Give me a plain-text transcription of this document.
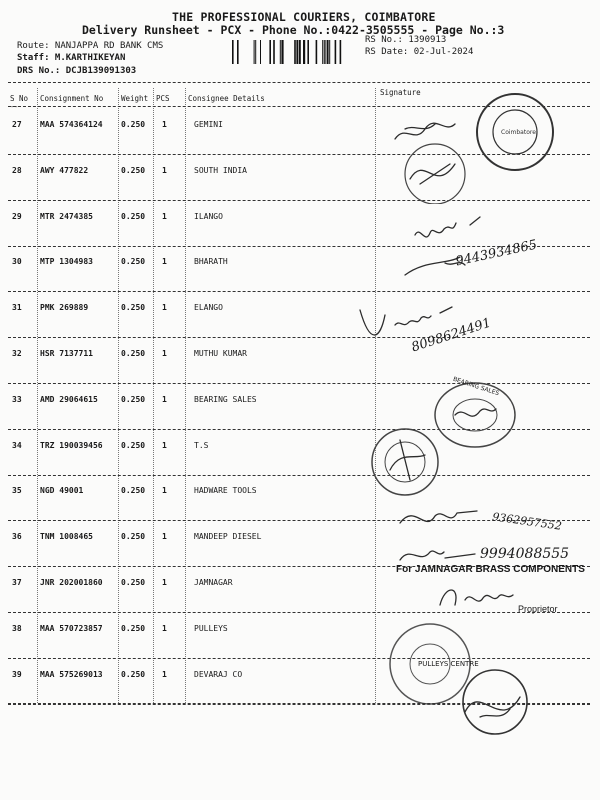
THE PROFESSIONAL COURIERS, COIMBATORE
Delivery Runsheet - PCX - Phone No.:0422-3505555 - Page No.:3
Route: NANJAPPA RD BANK CMS
Staff: M.KARTHIKEYAN
DRS No.: DCJB139091303
RS No.: 1390913
RS Date: 02-Jul-2024
S No Consignment No Weight PCS Consignee Details
Signature
--
27 MAA 574364124 0.250 1	GEMINI
28 AWY 477822	0.250 1	SOUTH INDIA
29 MTR 2474385	0.250 1	ILANGO
30 MTP 1304983	0.250 1	BHARATH
31 PMK 269889	0.250 1	ELANGO
32 HSR 7137711	0.250 1	MUTHU KUMAR
33 AMD 29064615	0.250 1	BEARING SALES
34 TRZ 190039456 0.250 1	T.S
35 NGD 49001	0.250 1	HADWARE TOOLS
36 TNM 1008465	0.250 1	MANDEEP DIESEL
37 JNR 202001860 0.250 1	JAMNAGAR
38 MAA 570723857 0.250 1	PULLEYS
39 MAA 575269013 0.250 1	DEVARAJ CO
Coimbatore
9443934865
8098624491
BEARING SALES
9362957552
9994088555
For JAMNAGAR BRASS COMPONENTS
Proprietor
PULLEYS CENTRE
